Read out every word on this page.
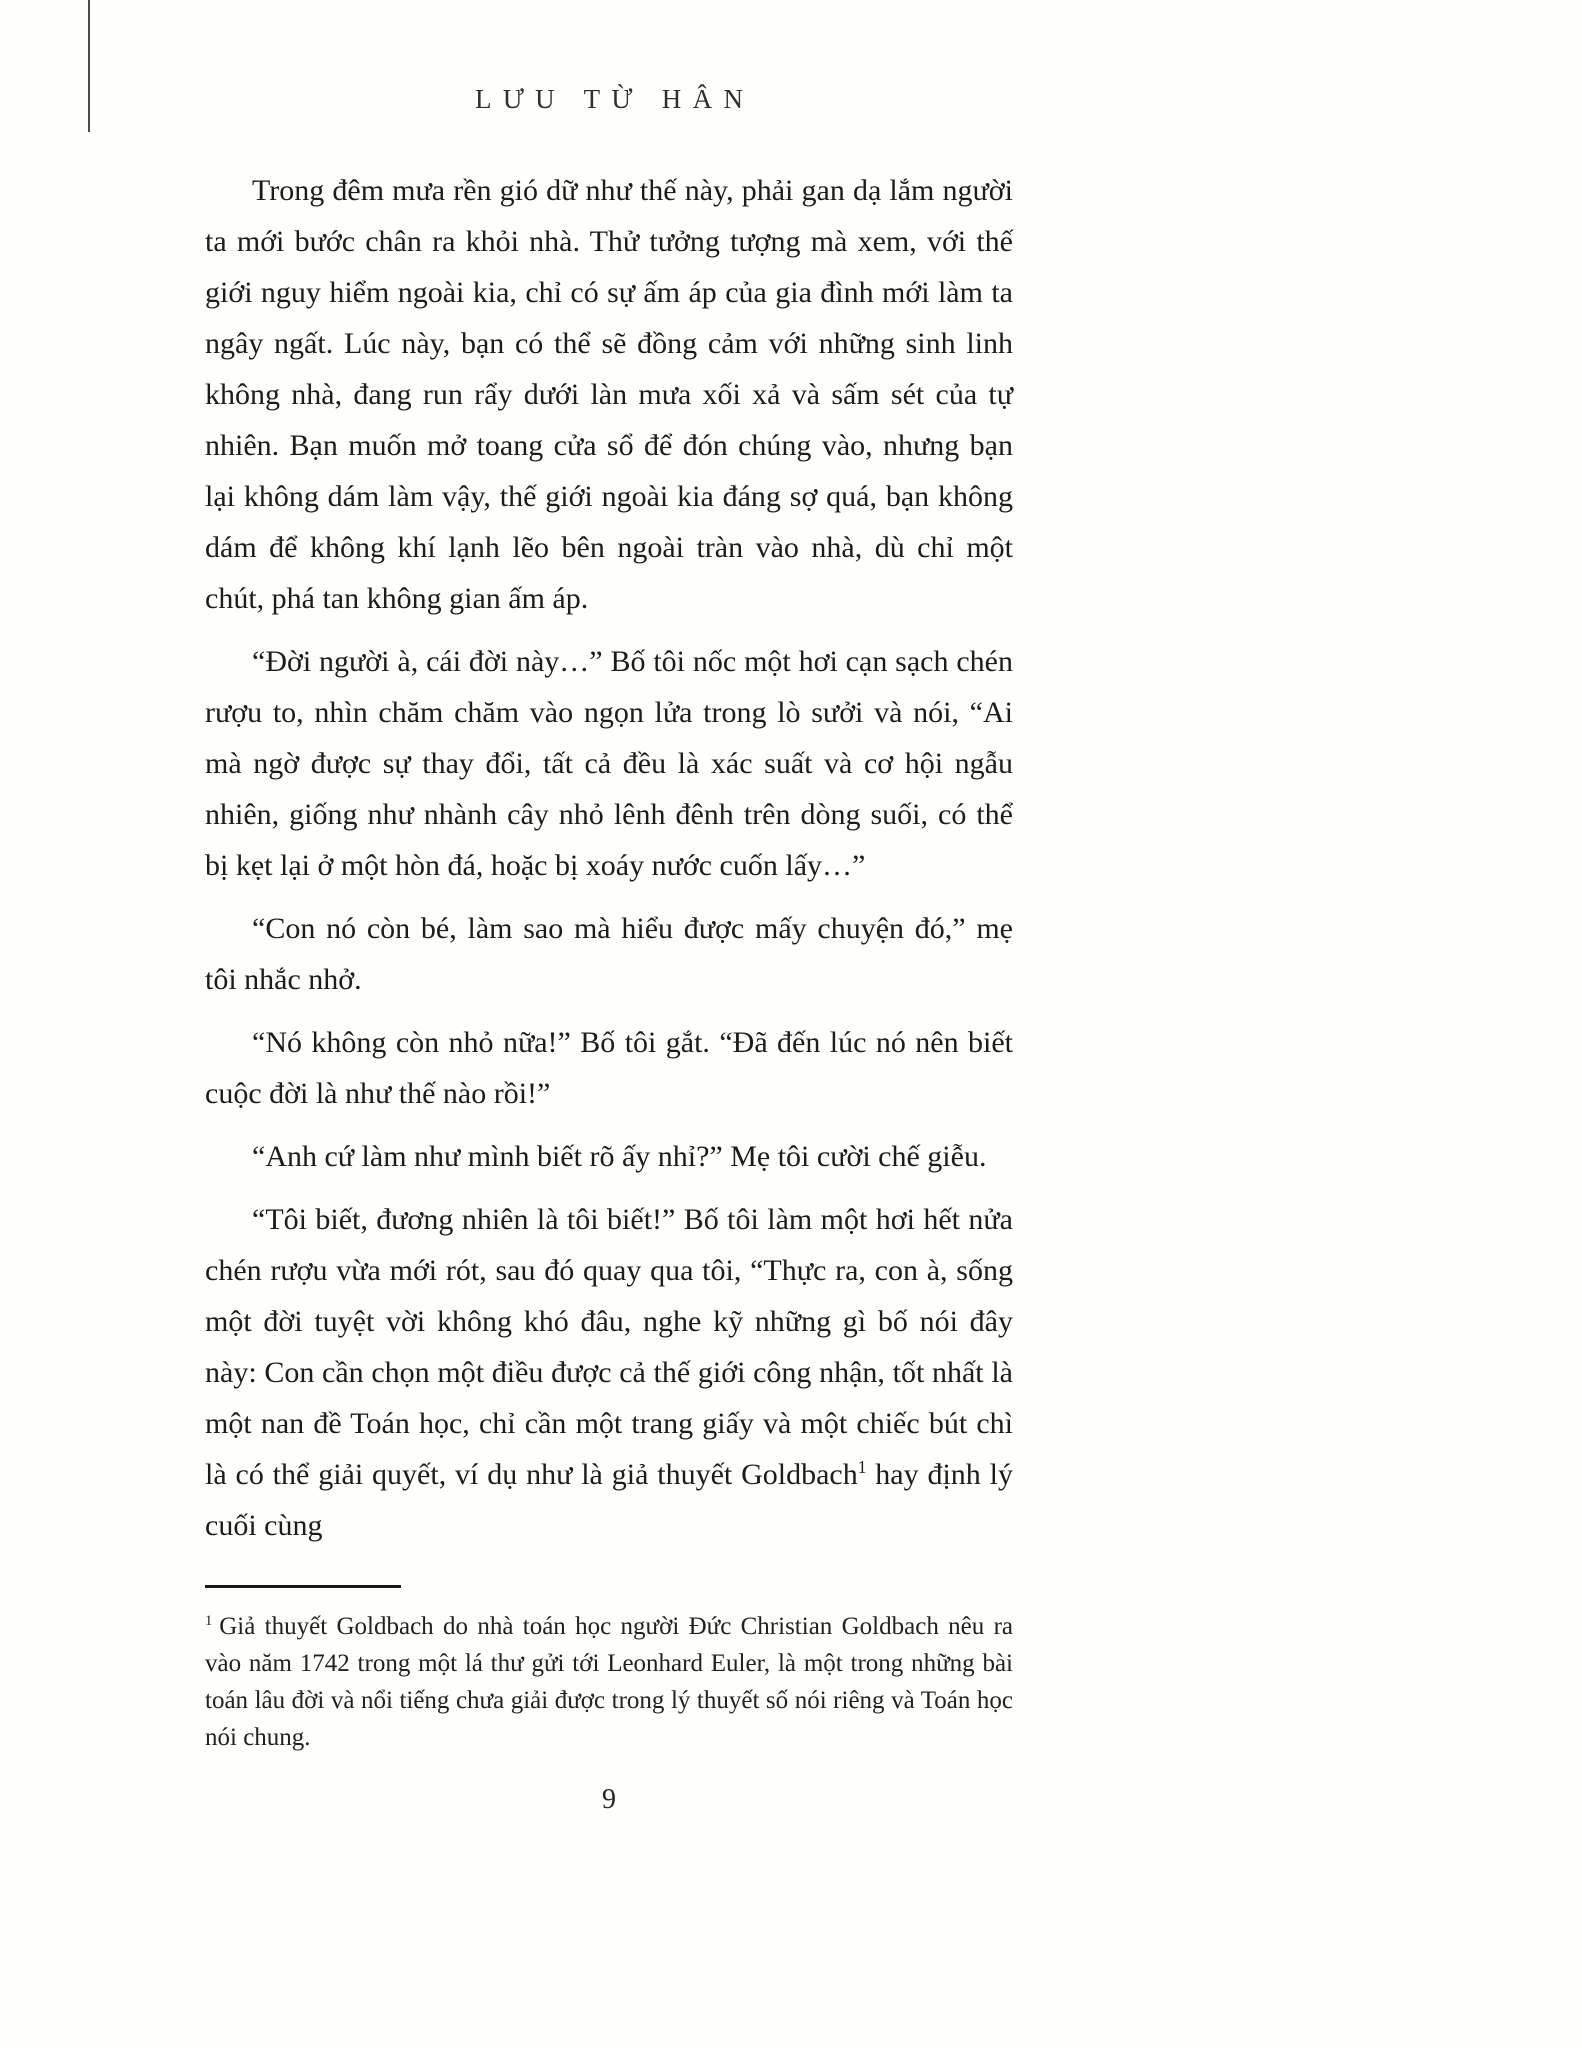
LƯU TỪ HÂN

Trong đêm mưa rền gió dữ như thế này, phải gan dạ lắm người ta mới bước chân ra khỏi nhà. Thử tưởng tượng mà xem, với thế giới nguy hiểm ngoài kia, chỉ có sự ấm áp của gia đình mới làm ta ngây ngất. Lúc này, bạn có thể sẽ đồng cảm với những sinh linh không nhà, đang run rẩy dưới làn mưa xối xả và sấm sét của tự nhiên. Bạn muốn mở toang cửa sổ để đón chúng vào, nhưng bạn lại không dám làm vậy, thế giới ngoài kia đáng sợ quá, bạn không dám để không khí lạnh lẽo bên ngoài tràn vào nhà, dù chỉ một chút, phá tan không gian ấm áp.

“Đời người à, cái đời này…” Bố tôi nốc một hơi cạn sạch chén rượu to, nhìn chăm chăm vào ngọn lửa trong lò sưởi và nói, “Ai mà ngờ được sự thay đổi, tất cả đều là xác suất và cơ hội ngẫu nhiên, giống như nhành cây nhỏ lênh đênh trên dòng suối, có thể bị kẹt lại ở một hòn đá, hoặc bị xoáy nước cuốn lấy…”

“Con nó còn bé, làm sao mà hiểu được mấy chuyện đó,” mẹ tôi nhắc nhở.

“Nó không còn nhỏ nữa!” Bố tôi gắt. “Đã đến lúc nó nên biết cuộc đời là như thế nào rồi!”

“Anh cứ làm như mình biết rõ ấy nhỉ?” Mẹ tôi cười chế giễu.

“Tôi biết, đương nhiên là tôi biết!” Bố tôi làm một hơi hết nửa chén rượu vừa mới rót, sau đó quay qua tôi, “Thực ra, con à, sống một đời tuyệt vời không khó đâu, nghe kỹ những gì bố nói đây này: Con cần chọn một điều được cả thế giới công nhận, tốt nhất là một nan đề Toán học, chỉ cần một trang giấy và một chiếc bút chì là có thể giải quyết, ví dụ như là giả thuyết Goldbach$^1$ hay định lý cuối cùng

$^1$ Giả thuyết Goldbach do nhà toán học người Đức Christian Goldbach nêu ra vào năm 1742 trong một lá thư gửi tới Leonhard Euler, là một trong những bài toán lâu đời và nổi tiếng chưa giải được trong lý thuyết số nói riêng và Toán học nói chung.

9
